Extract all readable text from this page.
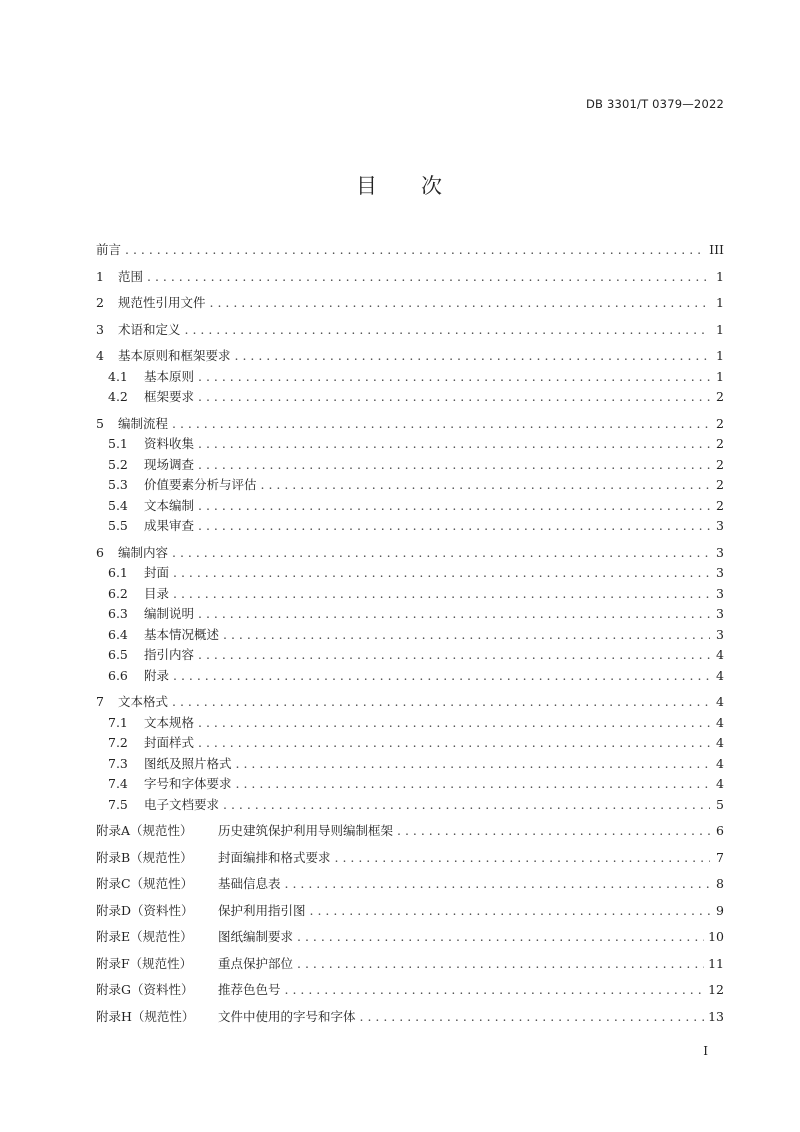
DB 3301/T 0379—2022
目 次
前言 . . .	III
1	范围 . . .	1
2	规范性引用文件 . . .	1
3	术语和定义 . . .	1
4	基本原则和框架要求 . . .	1
4.1	基本原则 . . .	1
4.2	框架要求 . . .	2
5	编制流程 . . .	2
5.1	资料收集 . . .	2
5.2	现场调查 . . .	2
5.3	价值要素分析与评估 . . .	2
5.4	文本编制 . . .	2
5.5	成果审查 . . .	3
6	编制内容 . . .	3
6.1	封面 . . .	3
6.2	目录 . . .	3
6.3	编制说明 . . .	3
6.4	基本情况概述 . . .	3
6.5	指引内容 . . .	4
6.6	附录 . . .	4
7	文本格式 . . .	4
7.1	文本规格 . . .	4
7.2	封面样式 . . .	4
7.3	图纸及照片格式 . . .	4
7.4	字号和字体要求 . . .	4
7.5	电子文档要求 . . .	5
附录A（规范性）	历史建筑保护利用导则编制框架 . . .	6
附录B（规范性）	封面编排和格式要求 . . .	7
附录C（规范性）	基础信息表 . . .	8
附录D（资料性）	保护利用指引图 . . .	9
附录E（规范性）	图纸编制要求 . . .	10
附录F（规范性）	重点保护部位 . . .	11
附录G（资料性）	推荐色色号 . . .	12
附录H（规范性）	文件中使用的字号和字体 . . .	13
I
